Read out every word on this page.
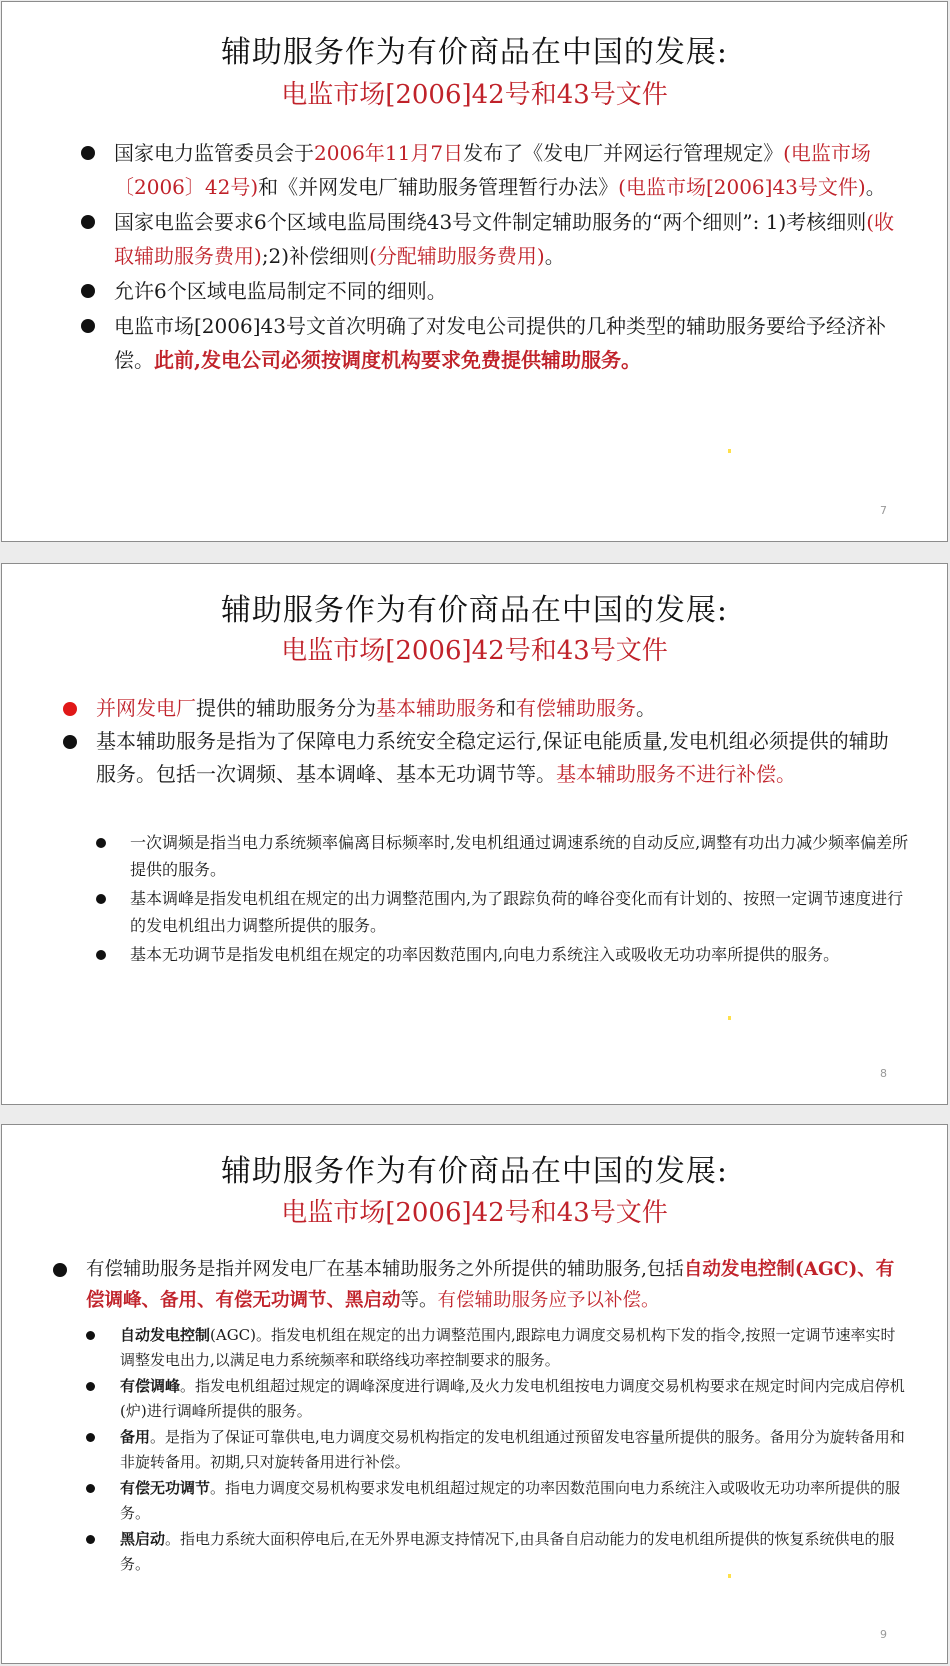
辅助服务作为有价商品在中国的发展:
电监市场[2006]42号和43号文件
国家电力监管委员会于2006年11月7日发布了《发电厂并网运行管理规定》(电监市场〔2006〕42号)和《并网发电厂辅助服务管理暂行办法》(电监市场[2006]43号文件)。
国家电监会要求6个区域电监局围绕43号文件制定辅助服务的“两个细则”: 1)考核细则(收取辅助服务费用);2)补偿细则(分配辅助服务费用)。
允许6个区域电监局制定不同的细则。
电监市场[2006]43号文首次明确了对发电公司提供的几种类型的辅助服务要给予经济补偿。此前,发电公司必须按调度机构要求免费提供辅助服务。
7
辅助服务作为有价商品在中国的发展:
电监市场[2006]42号和43号文件
并网发电厂提供的辅助服务分为基本辅助服务和有偿辅助服务。
基本辅助服务是指为了保障电力系统安全稳定运行,保证电能质量,发电机组必须提供的辅助服务。包括一次调频、基本调峰、基本无功调节等。基本辅助服务不进行补偿。
一次调频是指当电力系统频率偏离目标频率时,发电机组通过调速系统的自动反应,调整有功出力减少频率偏差所提供的服务。
基本调峰是指发电机组在规定的出力调整范围内,为了跟踪负荷的峰谷变化而有计划的、按照一定调节速度进行的发电机组出力调整所提供的服务。
基本无功调节是指发电机组在规定的功率因数范围内,向电力系统注入或吸收无功功率所提供的服务。
8
辅助服务作为有价商品在中国的发展:
电监市场[2006]42号和43号文件
有偿辅助服务是指并网发电厂在基本辅助服务之外所提供的辅助服务,包括自动发电控制(AGC)、有偿调峰、备用、有偿无功调节、黑启动等。有偿辅助服务应予以补偿。
自动发电控制(AGC)。指发电机组在规定的出力调整范围内,跟踪电力调度交易机构下发的指令,按照一定调节速率实时调整发电出力,以满足电力系统频率和联络线功率控制要求的服务。
有偿调峰。指发电机组超过规定的调峰深度进行调峰,及火力发电机组按电力调度交易机构要求在规定时间内完成启停机(炉)进行调峰所提供的服务。
备用。是指为了保证可靠供电,电力调度交易机构指定的发电机组通过预留发电容量所提供的服务。备用分为旋转备用和非旋转备用。初期,只对旋转备用进行补偿。
有偿无功调节。指电力调度交易机构要求发电机组超过规定的功率因数范围向电力系统注入或吸收无功功率所提供的服务。
黑启动。指电力系统大面积停电后,在无外界电源支持情况下,由具备自启动能力的发电机组所提供的恢复系统供电的服务。
9
